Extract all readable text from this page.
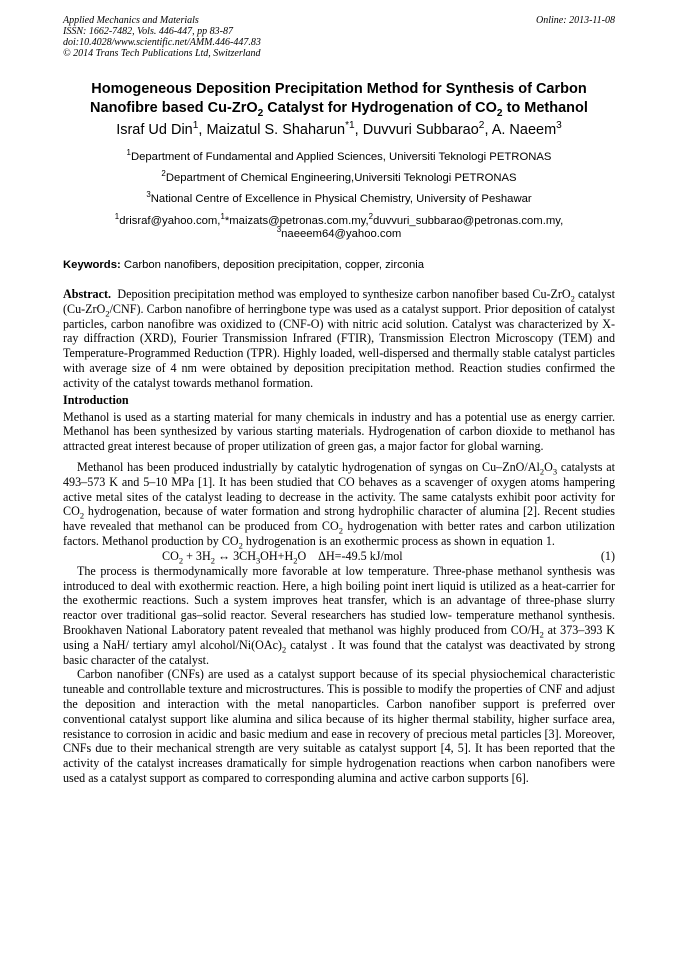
Applied Mechanics and Materials
ISSN: 1662-7482, Vols. 446-447, pp 83-87
doi:10.4028/www.scientific.net/AMM.446-447.83
© 2014 Trans Tech Publications Ltd, Switzerland
Online: 2013-11-08
Homogeneous Deposition Precipitation Method for Synthesis of Carbon
Nanofibre based Cu-ZrO$_2$ Catalyst for Hydrogenation of $CO_2$ to Methanol
Israf Ud Din$^1$, Maizatul S. Shaharun$^{*1}$, Duvvuri Subbarao$^2$, A. Naeem$^3$
$^1$Department of Fundamental and Applied Sciences, Universiti Teknologi PETRONAS
$^2$Department of Chemical Engineering,Universiti Teknologi PETRONAS
$^3$National Centre of Excellence in Physical Chemistry, University of Peshawar
$^1$drisraf@yahoo.com,$^1$*maizats@petronas.com.my,$^2$duvvuri_subbarao@petronas.com.my,
$^3$naeeem64@yahoo.com
Keywords: Carbon nanofibers, deposition precipitation, copper, zirconia

Abstract. Deposition precipitation method was employed to synthesize carbon nanofiber based Cu-ZrO$_2$ catalyst (Cu-ZrO$_2$/CNF). Carbon nanofibre of herringbone type was used as a catalyst support. Prior deposition of catalyst particles, carbon nanofibre was oxidized to (CNF-O) with nitric acid solution. Catalyst was characterized by X-ray diffraction (XRD), Fourier Transmission Infrared (FTIR), Transmission Electron Microscopy (TEM) and Temperature-Programmed Reduction (TPR). Highly loaded, well-dispersed and thermally stable catalyst particles with average size of 4 nm were obtained by deposition precipitation method. Reaction studies confirmed the activity of the catalyst towards methanol formation.

Introduction

Methanol is used as a starting material for many chemicals in industry and has a potential use as energy carrier. Methanol has been synthesized by various starting materials. Hydrogenation of carbon dioxide to methanol has attracted great interest because of proper utilization of green gas, a major factor for global warning.

Methanol has been produced industrially by catalytic hydrogenation of syngas on $Cu-ZnO/Al_2O_3$ catalysts at 493–573 K and 5–10 MPa [1]. It has been studied that CO behaves as a scavenger of oxygen atoms hampering active metal sites of the catalyst leading to decrease in the activity. The same catalysts exhibit poor activity for $CO_2$ hydrogenation, because of water formation and strong hydrophilic character of alumina [2]. Recent studies have revealed that methanol can be produced from $CO_2$ hydrogenation with better rates and carbon utilization factors. Methanol production by $CO_2$ hydrogenation is an exothermic process as shown in equation 1.

$CO_2 + 3H_2$ ↔ $3CH_3OH+H_2O$ ΔH=-49.5 kJ/mol	(1)

The process is thermodynamically more favorable at low temperature. Three-phase methanol synthesis was introduced to deal with exothermic reaction. Here, a high boiling point inert liquid is utilized as a heat-carrier for the exothermic reactions. Such a system improves heat transfer, which is an advantage of three-phase slurry reactor over traditional gas–solid reactor. Several researchers has studied low- temperature methanol synthesis. Brookhaven National Laboratory patent revealed that methanol was highly produced from $CO/H_2$ at 373–393 K using a NaH/ tertiary amyl alcohol/$Ni(OAc)_2$ catalyst . It was found that the catalyst was deactivated by strong basic character of the catalyst.

Carbon nanofiber (CNFs) are used as a catalyst support because of its special physiochemical characteristic tuneable and controllable texture and microstructures. This is possible to modify the properties of CNF and adjust the deposition and interaction with the metal nanoparticles. Carbon nanofiber support is preferred over conventional catalyst support like alumina and silica because of its higher thermal stability, higher surface area, resistance to corrosion in acidic and basic medium and ease in recovery of precious metal particles [3]. Moreover, CNFs due to their mechanical strength are very suitable as catalyst support [4, 5]. It has been reported that the activity of the catalyst increases dramatically for simple hydrogenation reactions when carbon nanofibers were used as a catalyst support as compared to corresponding alumina and active carbon supports [6].
